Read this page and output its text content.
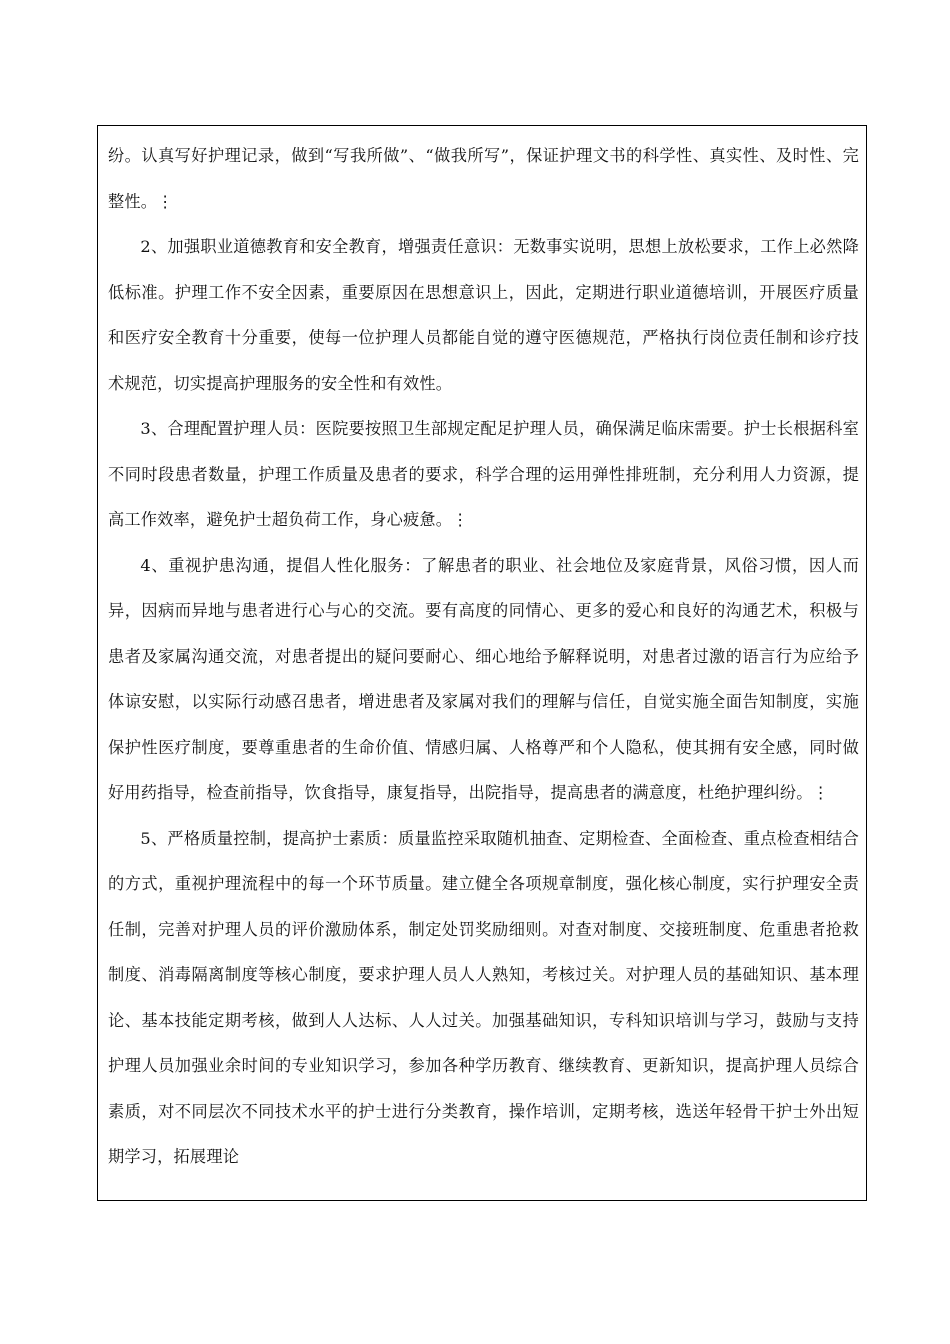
纷。认真写好护理记录，做到“写我所做”、“做我所写”，保证护理文书的科学性、真实性、及时性、完整性。⋮

2、加强职业道德教育和安全教育，增强责任意识：无数事实说明，思想上放松要求，工作上必然降低标准。护理工作不安全因素，重要原因在思想意识上，因此，定期进行职业道德培训，开展医疗质量和医疗安全教育十分重要，使每一位护理人员都能自觉的遵守医德规范，严格执行岗位责任制和诊疗技术规范，切实提高护理服务的安全性和有效性。

3、合理配置护理人员：医院要按照卫生部规定配足护理人员，确保满足临床需要。护士长根据科室不同时段患者数量，护理工作质量及患者的要求，科学合理的运用弹性排班制，充分利用人力资源，提高工作效率，避免护士超负荷工作，身心疲惫。⋮

4、重视护患沟通，提倡人性化服务：了解患者的职业、社会地位及家庭背景，风俗习惯，因人而异，因病而异地与患者进行心与心的交流。要有高度的同情心、更多的爱心和良好的沟通艺术，积极与患者及家属沟通交流，对患者提出的疑问要耐心、细心地给予解释说明，对患者过激的语言行为应给予体谅安慰，以实际行动感召患者，增进患者及家属对我们的理解与信任，自觉实施全面告知制度，实施保护性医疗制度，要尊重患者的生命价值、情感归属、人格尊严和个人隐私，使其拥有安全感，同时做好用药指导，检查前指导，饮食指导，康复指导，出院指导，提高患者的满意度，杜绝护理纠纷。⋮

5、严格质量控制，提高护士素质：质量监控采取随机抽查、定期检查、全面检查、重点检查相结合的方式，重视护理流程中的每一个环节质量。建立健全各项规章制度，强化核心制度，实行护理安全责任制，完善对护理人员的评价激励体系，制定处罚奖励细则。对查对制度、交接班制度、危重患者抢救制度、消毒隔离制度等核心制度，要求护理人员人人熟知，考核过关。对护理人员的基础知识、基本理论、基本技能定期考核，做到人人达标、人人过关。加强基础知识，专科知识培训与学习，鼓励与支持护理人员加强业余时间的专业知识学习，参加各种学历教育、继续教育、更新知识，提高护理人员综合素质，对不同层次不同技术水平的护士进行分类教育，操作培训，定期考核，选送年轻骨干护士外出短期学习，拓展理论
